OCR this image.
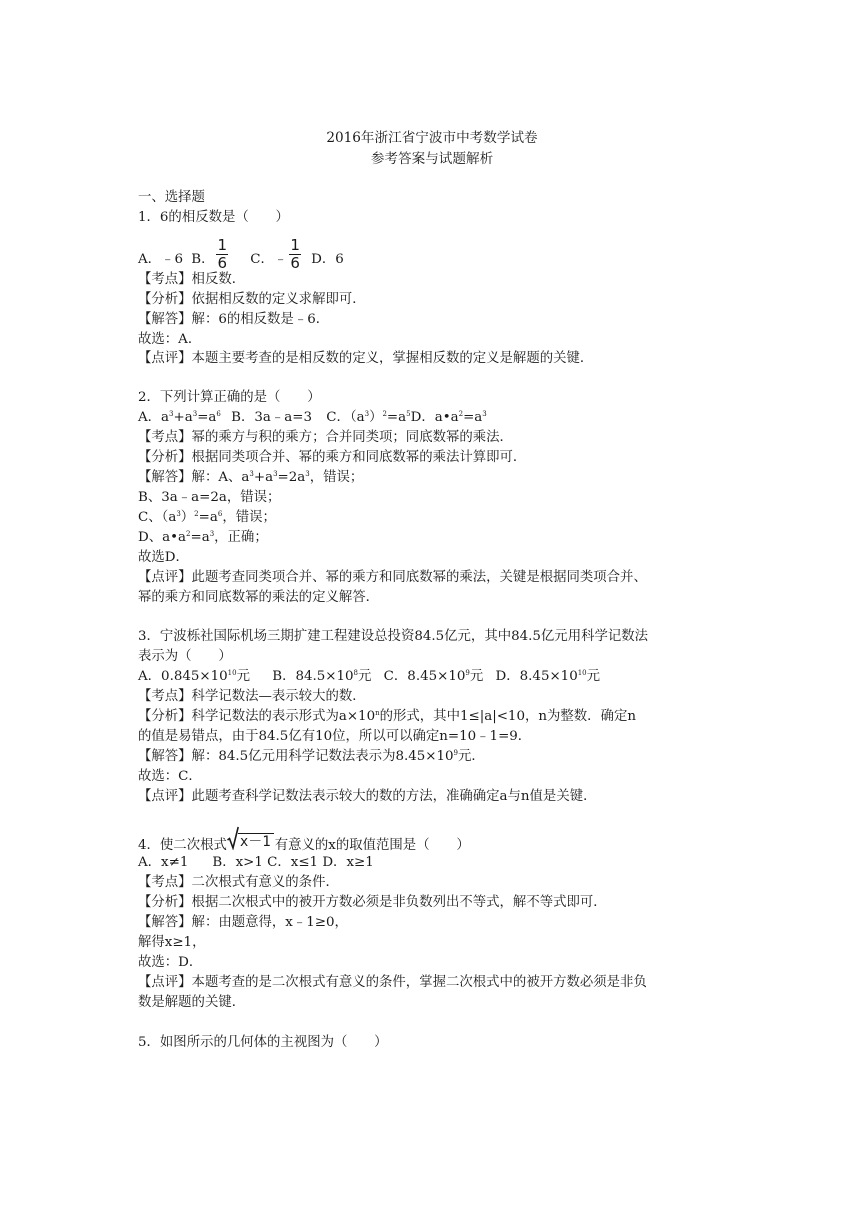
2016年浙江省宁波市中考数学试卷
参考答案与试题解析
一、选择题
1．6的相反数是（　　）
A．﹣6 B． $\frac{1}{6}$ C．﹣ $\frac{1}{6}$ D．6
【考点】相反数．
【分析】依据相反数的定义求解即可．
【解答】解：6的相反数是﹣6．
故选：A．
【点评】本题主要考查的是相反数的定义，掌握相反数的定义是解题的关键．
2．下列计算正确的是（　　）
A．$a^3+a^3=a^6$ B．3a﹣a=3 C．$(a^3)^2=a^5D$．$a•a^2=a^3$
【考点】幂的乘方与积的乘方；合并同类项；同底数幂的乘法．
【分析】根据同类项合并、幂的乘方和同底数幂的乘法计算即可．
【解答】解：A、$a^3+a^3=2a^3$，错误；
B、3a﹣a=2a，错误；
C、$(a^3)^2=a^6$，错误；
D、$a•a^2=a^3$，正确；
故选D．
【点评】此题考查同类项合并、幂的乘方和同底数幂的乘法，关键是根据同类项合并、
幂的乘方和同底数幂的乘法的定义解答．
3．宁波栎社国际机场三期扩建工程建设总投资84.5亿元，其中84.5亿元用科学记数法
表示为（　　）
A．$0.845\times 10^{10}$元 B．$84.5\times 10^8$元 C．$8.45\times 10^9$元 D．$8.45\times 10^{10}$元
【考点】科学记数法—表示较大的数．
【分析】科学记数法的表示形式为$a\times 10^n$的形式，其中1≤|a|<10，n为整数．确定n
的值是易错点，由于84.5亿有10位，所以可以确定n=10﹣1=9．
【解答】解：84.5亿元用科学记数法表示为$8.45\times 10^9$元．
故选：C．
【点评】此题考查科学记数法表示较大的数的方法，准确确定a与n值是关键．
4．使二次根式 x－1 有意义的x的取值范围是（　　）
A．x≠1 B．x>1 C．x≤1 D．x≥1
【考点】二次根式有意义的条件．
【分析】根据二次根式中的被开方数必须是非负数列出不等式，解不等式即可．
【解答】解：由题意得，x﹣1≥0，
解得x≥1，
故选：D．
【点评】本题考查的是二次根式有意义的条件，掌握二次根式中的被开方数必须是非负
数是解题的关键．
5．如图所示的几何体的主视图为（　　）
